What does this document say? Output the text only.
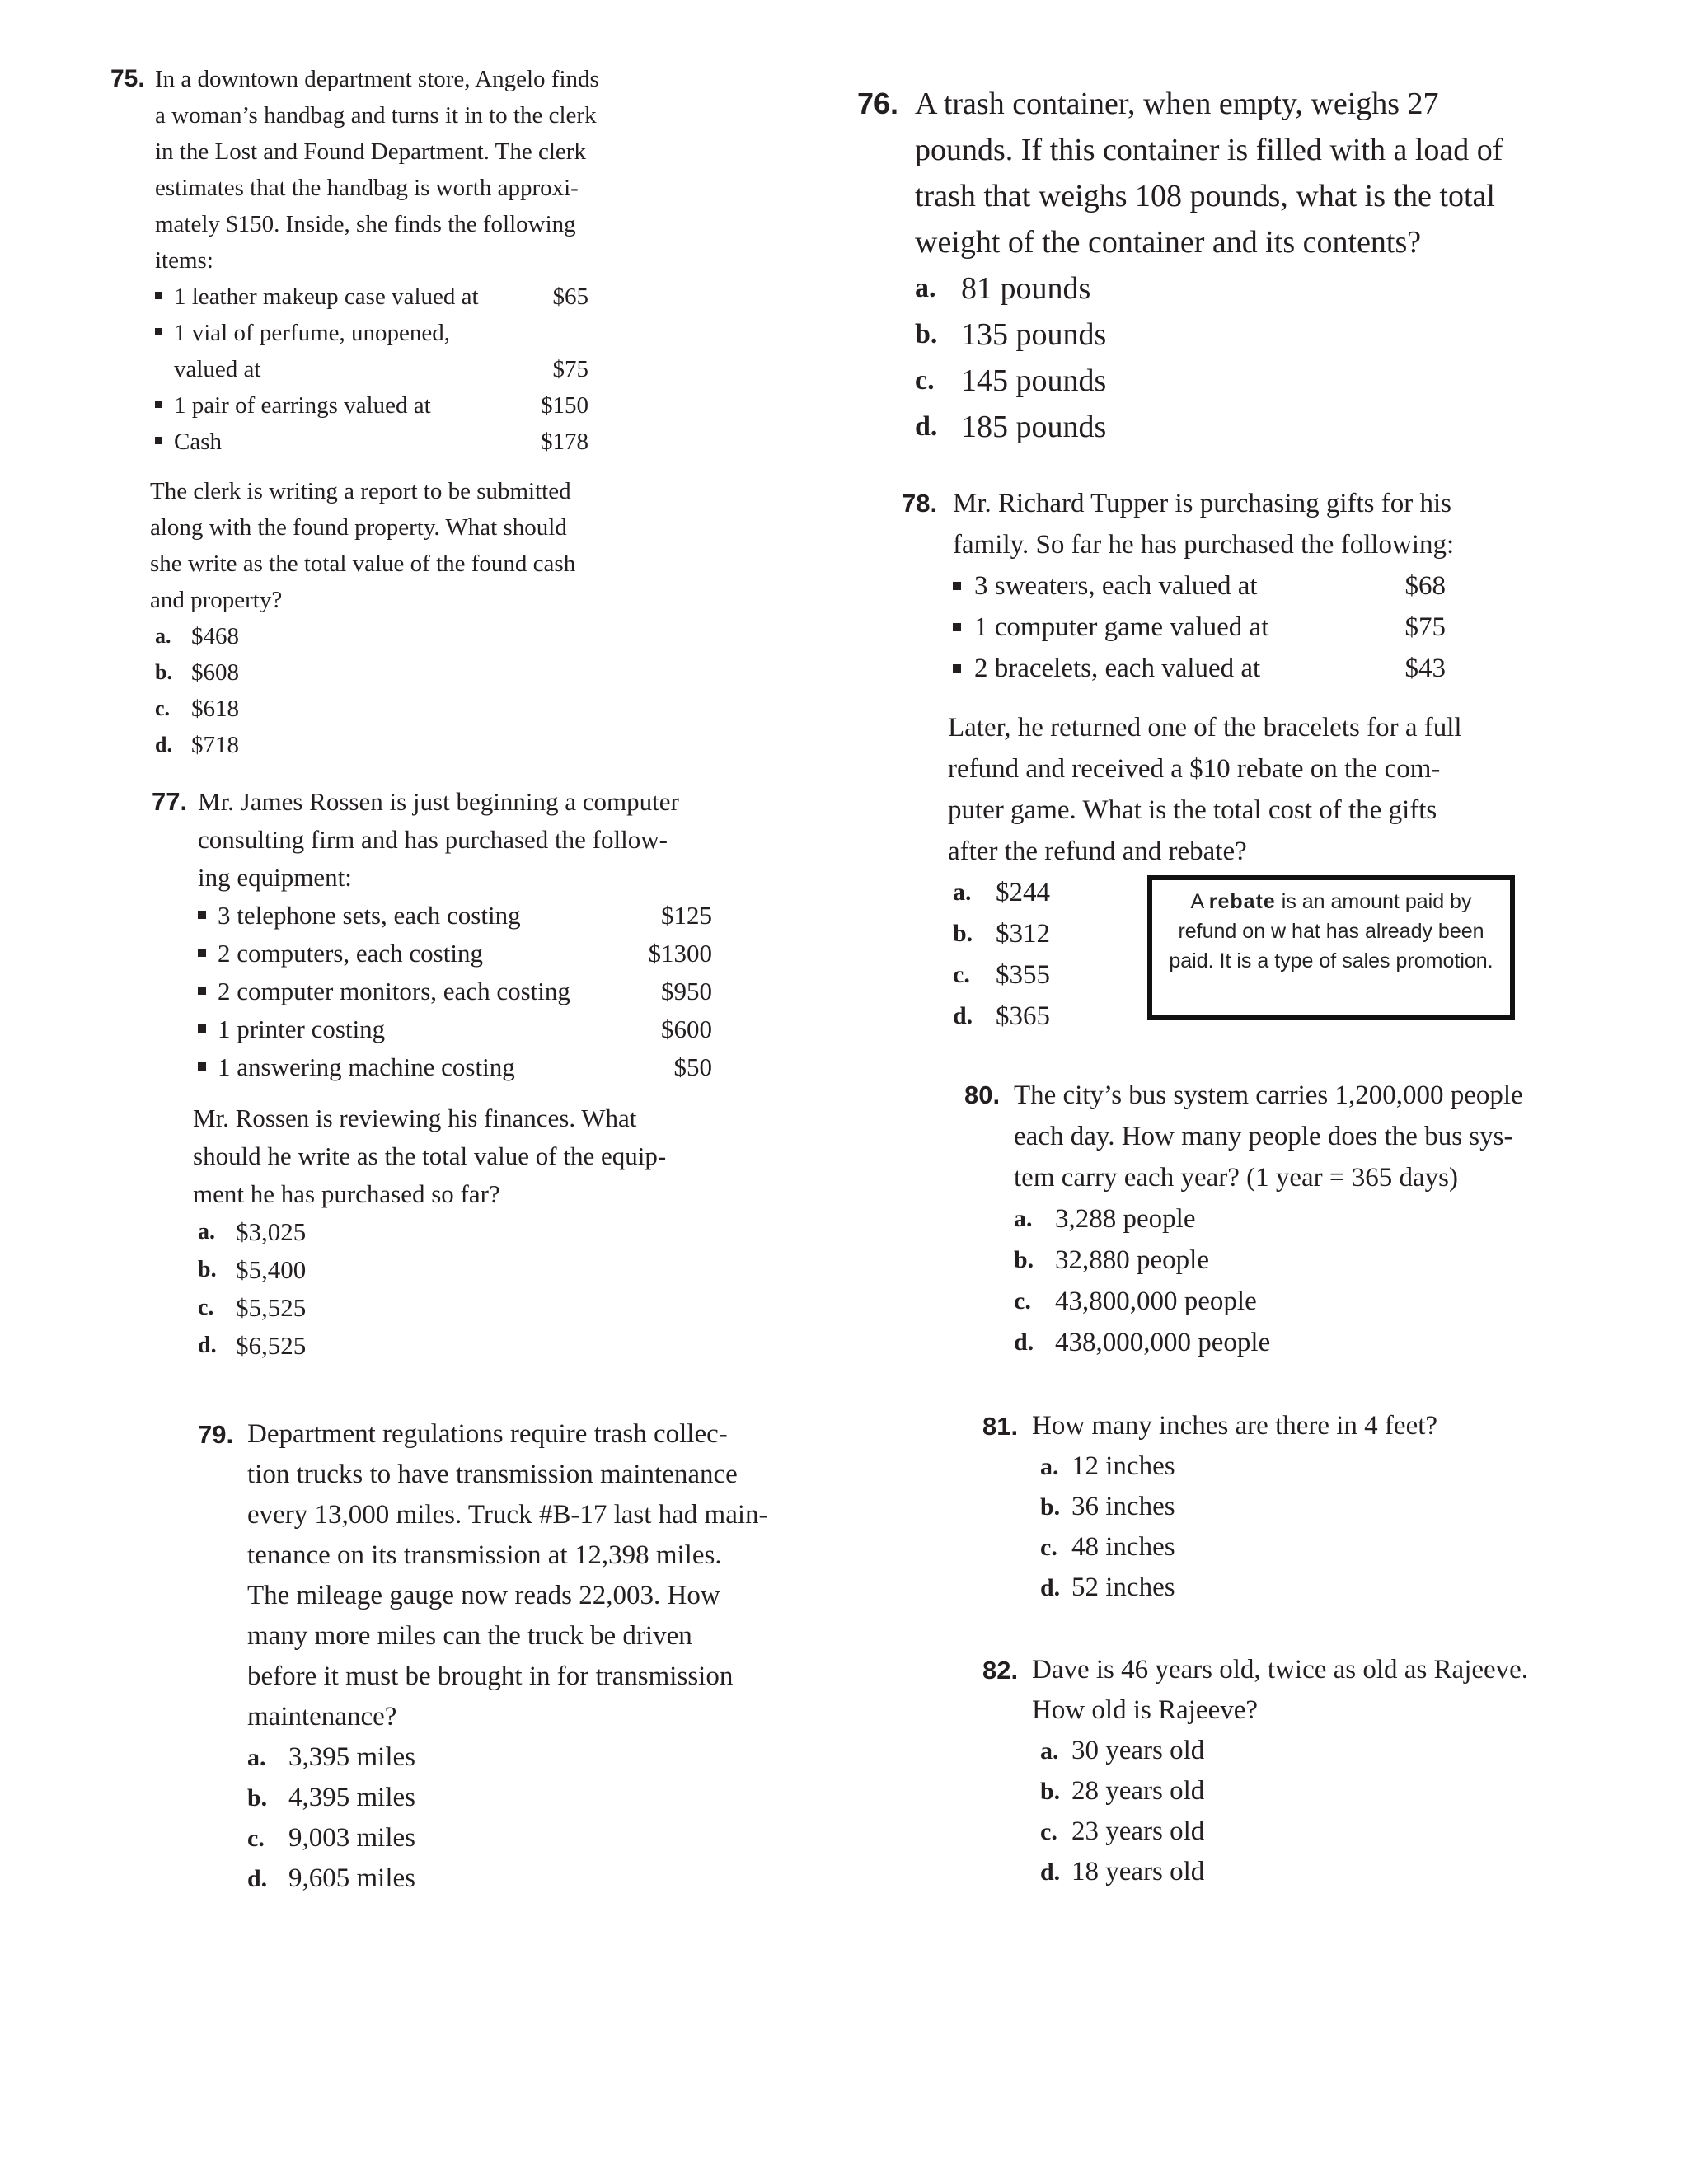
75. In a downtown department store, Angelo finds
a woman’s handbag and turns it in to the clerk
in the Lost and Found Department. The clerk
estimates that the handbag is worth approxi-
mately $150. Inside, she finds the following
items:
1 leather makeup case valued at	$65
1 vial of perfume, unopened,
valued at	$75
1 pair of earrings valued at	$150
Cash	$178
The clerk is writing a report to be submitted
along with the found property. What should
she write as the total value of the found cash
and property?
a. $468
b. $608
c. $618
d. $718
76. A trash container, when empty, weighs 27
pounds. If this container is filled with a load of
trash that weighs 108 pounds, what is the total
weight of the container and its contents?
a. 81 pounds
b. 135 pounds
c. 145 pounds
d. 185 pounds
78. Mr. Richard Tupper is purchasing gifts for his
family. So far he has purchased the following:
3 sweaters, each valued at	$68
1 computer game valued at	$75
2 bracelets, each valued at	$43
Later, he returned one of the bracelets for a full
refund and received a $10 rebate on the com-
puter game. What is the total cost of the gifts
after the refund and rebate?
a. $244
b. $312
c. $355
d. $365
A rebate is an amount paid by refund on w hat has already been paid. It is a type of sales promotion.
77. Mr. James Rossen is just beginning a computer
consulting firm and has purchased the follow-
ing equipment:
3 telephone sets, each costing	$125
2 computers, each costing	$1300
2 computer monitors, each costing	$950
1 printer costing	$600
1 answering machine costing	$50
Mr. Rossen is reviewing his finances. What
should he write as the total value of the equip-
ment he has purchased so far?
a. $3,025
b. $5,400
c. $5,525
d. $6,525
80. The city’s bus system carries 1,200,000 people
each day. How many people does the bus sys-
tem carry each year? (1 year = 365 days)
a. 3,288 people
b. 32,880 people
c. 43,800,000 people
d. 438,000,000 people
79. Department regulations require trash collec-
tion trucks to have transmission maintenance
every 13,000 miles. Truck #B-17 last had main-
tenance on its transmission at 12,398 miles.
The mileage gauge now reads 22,003. How
many more miles can the truck be driven
before it must be brought in for transmission
maintenance?
a. 3,395 miles
b. 4,395 miles
c. 9,003 miles
d. 9,605 miles
81. How many inches are there in 4 feet?
a. 12 inches
b. 36 inches
c. 48 inches
d. 52 inches
82. Dave is 46 years old, twice as old as Rajeeve.
How old is Rajeeve?
a. 30 years old
b. 28 years old
c. 23 years old
d. 18 years old
